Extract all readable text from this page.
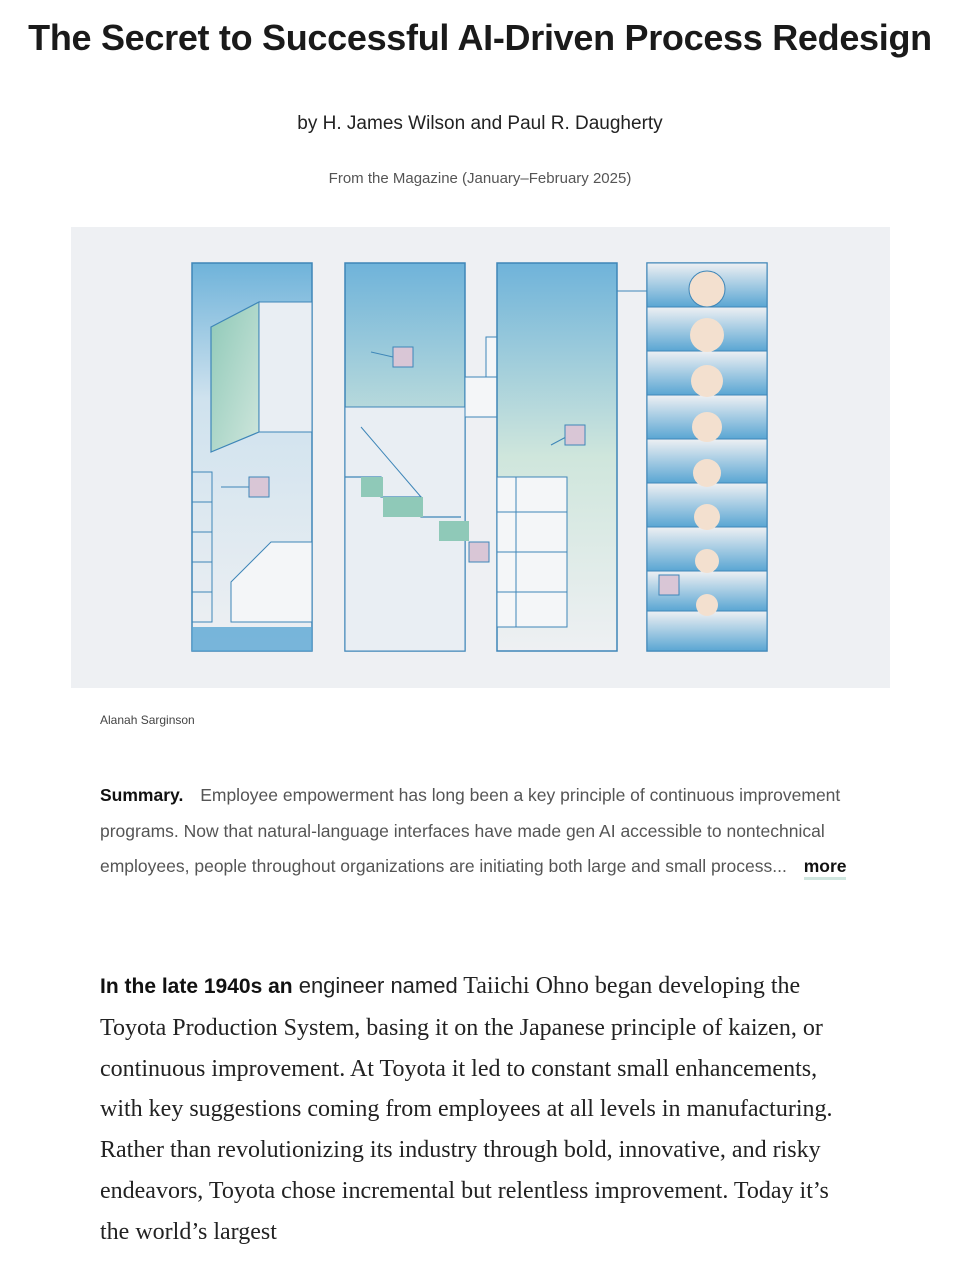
The Secret to Successful AI-Driven Process Redesign
by H. James Wilson and Paul R. Daugherty
From the Magazine (January–February 2025)
Alanah Sarginson

Summary. Employee empowerment has long been a key principle of continuous improvement programs. Now that natural-language interfaces have made gen AI accessible to nontechnical employees, people throughout organizations are initiating both large and small process... more

In the late 1940s an engineer named Taiichi Ohno began developing the Toyota Production System, basing it on the Japanese principle of kaizen, or continuous improvement. At Toyota it led to constant small enhancements, with key suggestions coming from employees at all levels in manufacturing. Rather than revolutionizing its industry through bold, innovative, and risky endeavors, Toyota chose incremental but relentless improvement. Today it’s the world’s largest
